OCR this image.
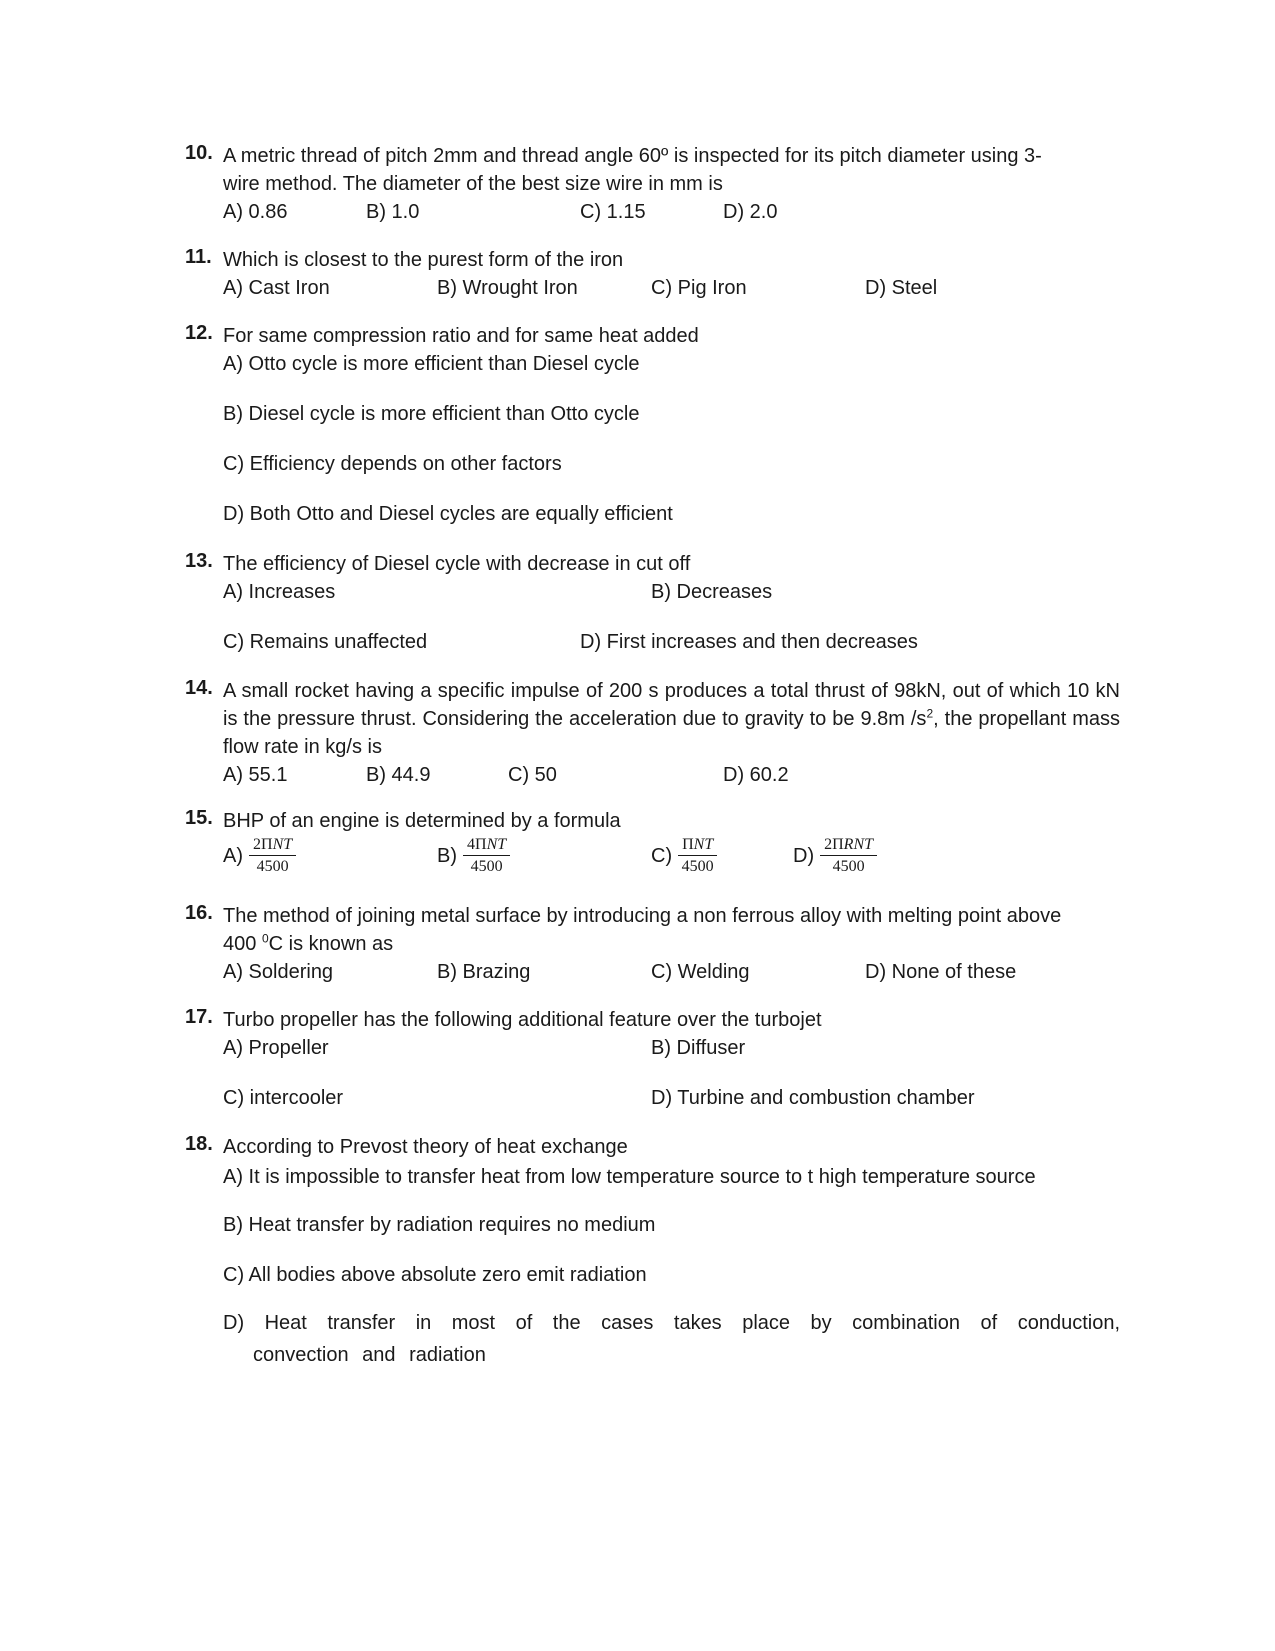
10. A metric thread of pitch 2mm and thread angle 60º is inspected for its pitch diameter using 3-
wire method. The diameter of the best size wire in mm is
A) 0.86	B) 1.0	C) 1.15	D) 2.0
11. Which is closest to the purest form of the iron
A) Cast Iron	B) Wrought Iron	C) Pig Iron	D) Steel
12. For same compression ratio and for same heat added
A) Otto cycle is more efficient than Diesel cycle
B) Diesel cycle is more efficient than Otto cycle
C) Efficiency depends on other factors
D) Both Otto and Diesel cycles are equally efficient
13. The efficiency of Diesel cycle with decrease in cut off
A) Increases	B) Decreases
C) Remains unaffected	D) First increases and then decreases
14. A small rocket having a specific impulse of 200 s produces a total thrust of 98kN, out of which 10 kN is the pressure thrust. Considering the acceleration due to gravity to be 9.8m $/s^2$, the propellant mass flow rate in kg/s is
A) 55.1	B) 44.9	C) 50	D) 60.2
15. BHP of an engine is determined by a formula
$A) \frac{\text{2ΠNT}}{4500}$	$B) \frac{\text{4ΠNT}}{4500}$	$C) \frac{\text{ΠNT}}{4500}$	$D) \frac{\text{2ΠRNT}}{4500}$
16. The method of joining metal surface by introducing a non ferrous alloy with melting point above
400 $^0$C is known as
A) Soldering	B) Brazing	C) Welding	D) None of these
17. Turbo propeller has the following additional feature over the turbojet
A) Propeller	B) Diffuser
C) intercooler	D) Turbine and combustion chamber
18. According to Prevost theory of heat exchange
A) It is impossible to transfer heat from low temperature source to t high temperature source
B) Heat transfer by radiation requires no medium
C) All bodies above absolute zero emit radiation
D) Heat transfer in most of the cases takes place by combination of conduction, convection and radiation
